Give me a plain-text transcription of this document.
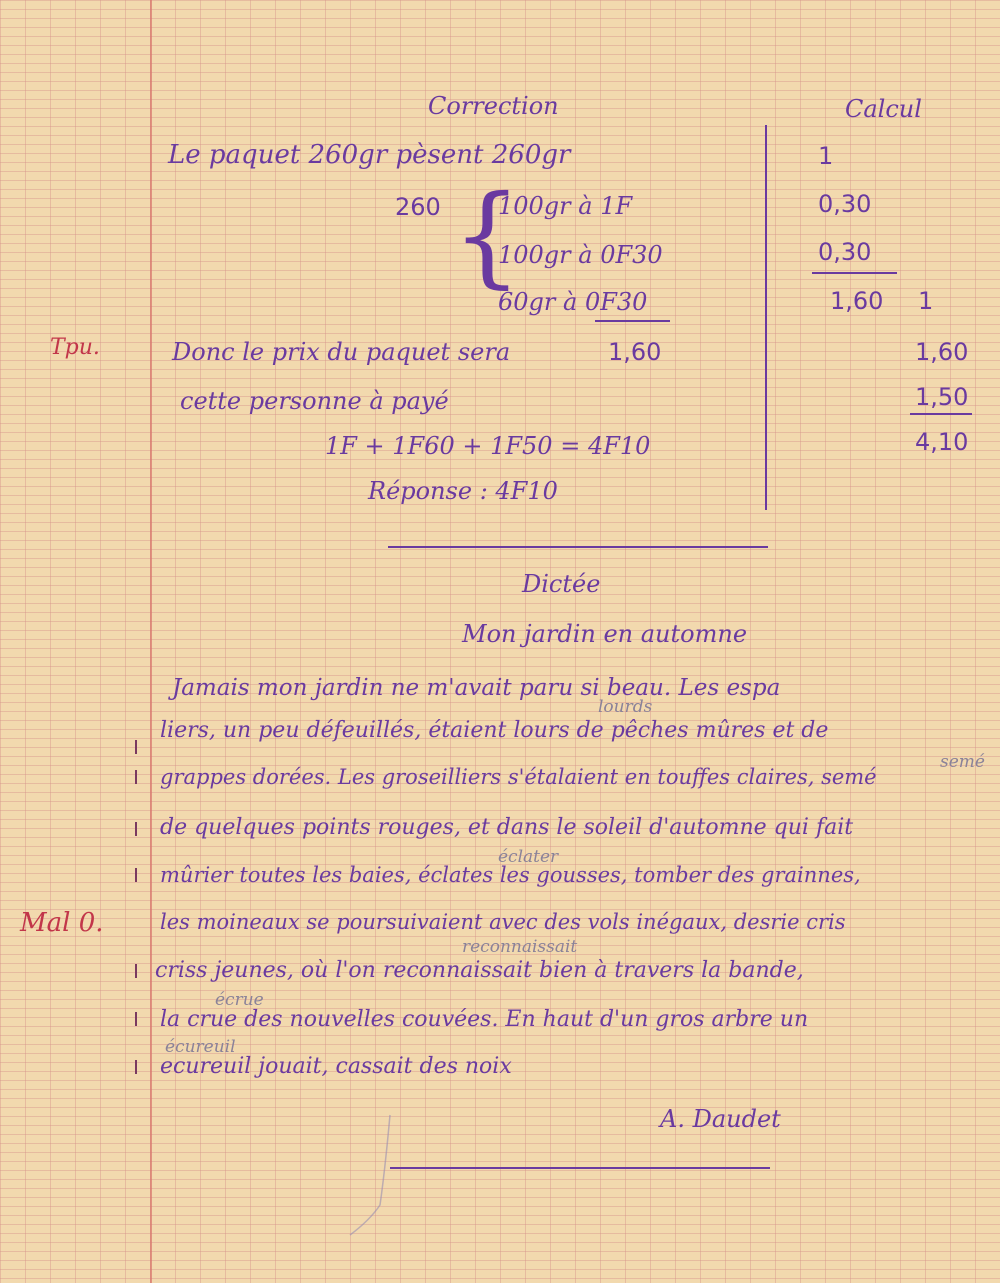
Correction
Le paquet 260gr pèsent 260gr
260 {
100gr à 1F
100gr à 0F30
60gr à 0F30
Tpu.	Donc le prix du paquet sera	1,60
cette personne à payé
1F + 1F60 + 1F50 = 4F10
Réponse : 4F10
Calcul
1
0,30
0,30
1,60 1
1,60
1,50
4,10
Dictée
Mon jardin en automne
Jamais mon jardin ne m'avait paru si beau. Les espa
lourds
liers, un peu défeuillés, étaient lours de pêches mûres et de
semé
grappes dorées. Les groseilliers s'étalaient en touffes claires, semé
de quelques points rouges, et dans le soleil d'automne qui fait
éclater
mûrier toutes les baies, éclates les gousses, tomber des grainnes,
Mal 0.	les moineaux se poursuivaient avec des vols inégaux, desrie cris
reconnaissait
criss jeunes, où l'on reconnaissait bien à travers la bande,
écrue
la crue des nouvelles couvées. En haut d'un gros arbre un
écureuil
ecureuil jouait, cassait des noix
A. Daudet
